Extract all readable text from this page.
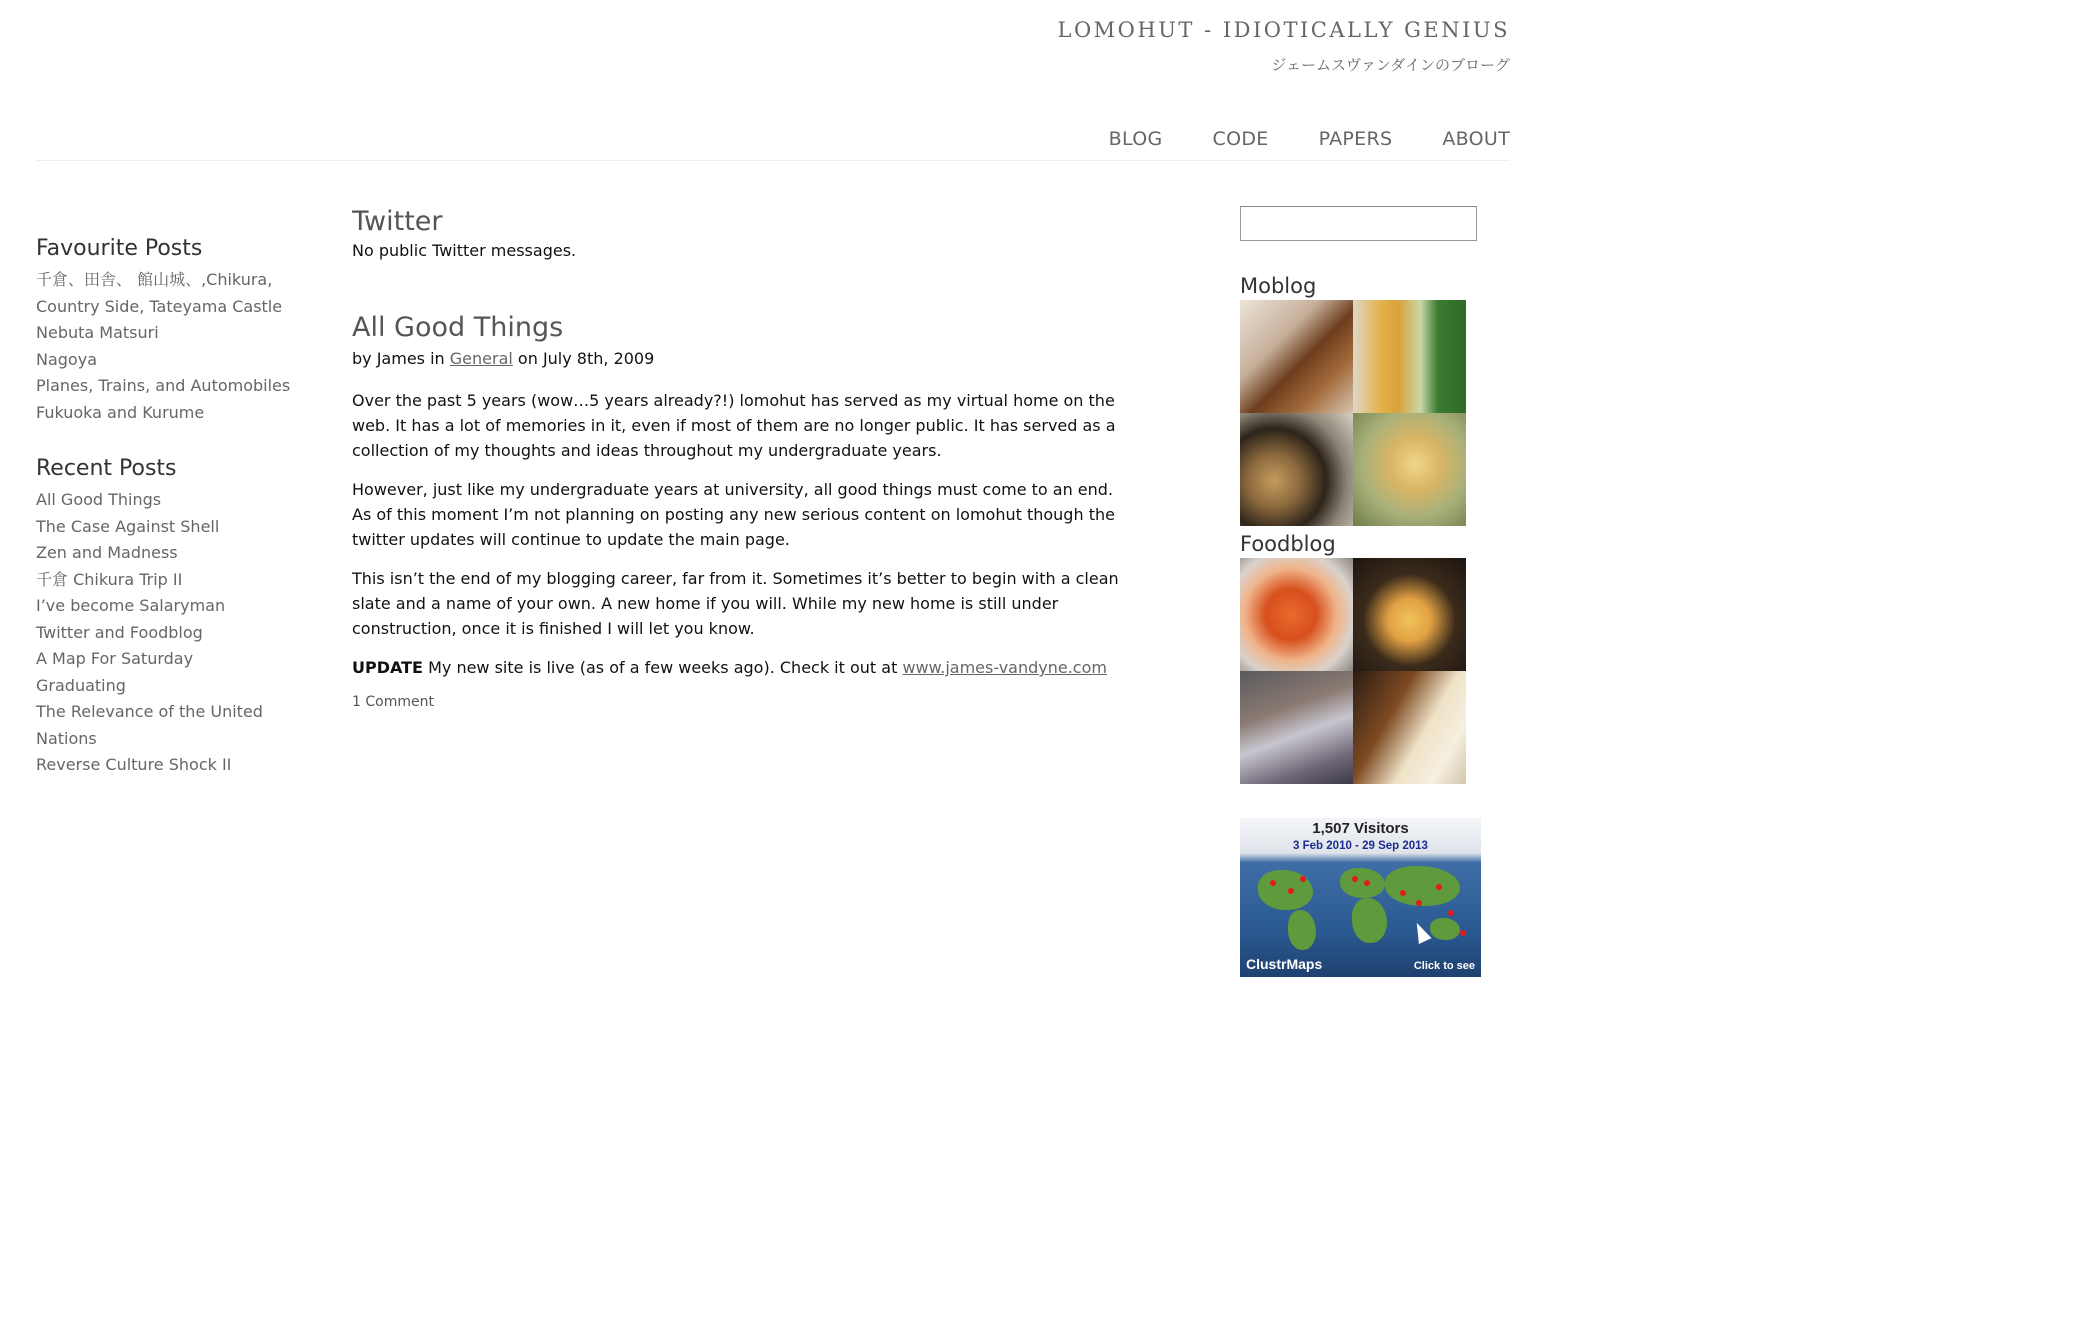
LOMOHUT - IDIOTICALLY GENIUS
ジェームスヴァンダインのブローグ
BLOG	CODE	PAPERS	ABOUT
Favourite Posts
千倉、田舎、 館山城、,Chikura, Country Side, Tateyama Castle
Nebuta Matsuri
Nagoya
Planes, Trains, and Automobiles
Fukuoka and Kurume
Recent Posts
All Good Things
The Case Against Shell
Zen and Madness
千倉 Chikura Trip II
I’ve become Salaryman
Twitter and Foodblog
A Map For Saturday
Graduating
The Relevance of the United Nations
Reverse Culture Shock II
Twitter
No public Twitter messages.
All Good Things
by James in General on July 8th, 2009

Over the past 5 years (wow…5 years already?!) lomohut has served as my virtual home on the web. It has a lot of memories in it, even if most of them are no longer public. It has served as a collection of my thoughts and ideas throughout my undergraduate years.

However, just like my undergraduate years at university, all good things must come to an end. As of this moment I’m not planning on posting any new serious content on lomohut though the twitter updates will continue to update the main page.

This isn’t the end of my blogging career, far from it. Sometimes it’s better to begin with a clean slate and a name of your own. A new home if you will. While my new home is still under construction, once it is finished I will let you know.

UPDATE My new site is live (as of a few weeks ago). Check it out at www.james-vandyne.com

1 Comment
Moblog
Foodblog
1,507 Visitors
3 Feb 2010 - 29 Sep 2013
ClustrMaps	Click to see
